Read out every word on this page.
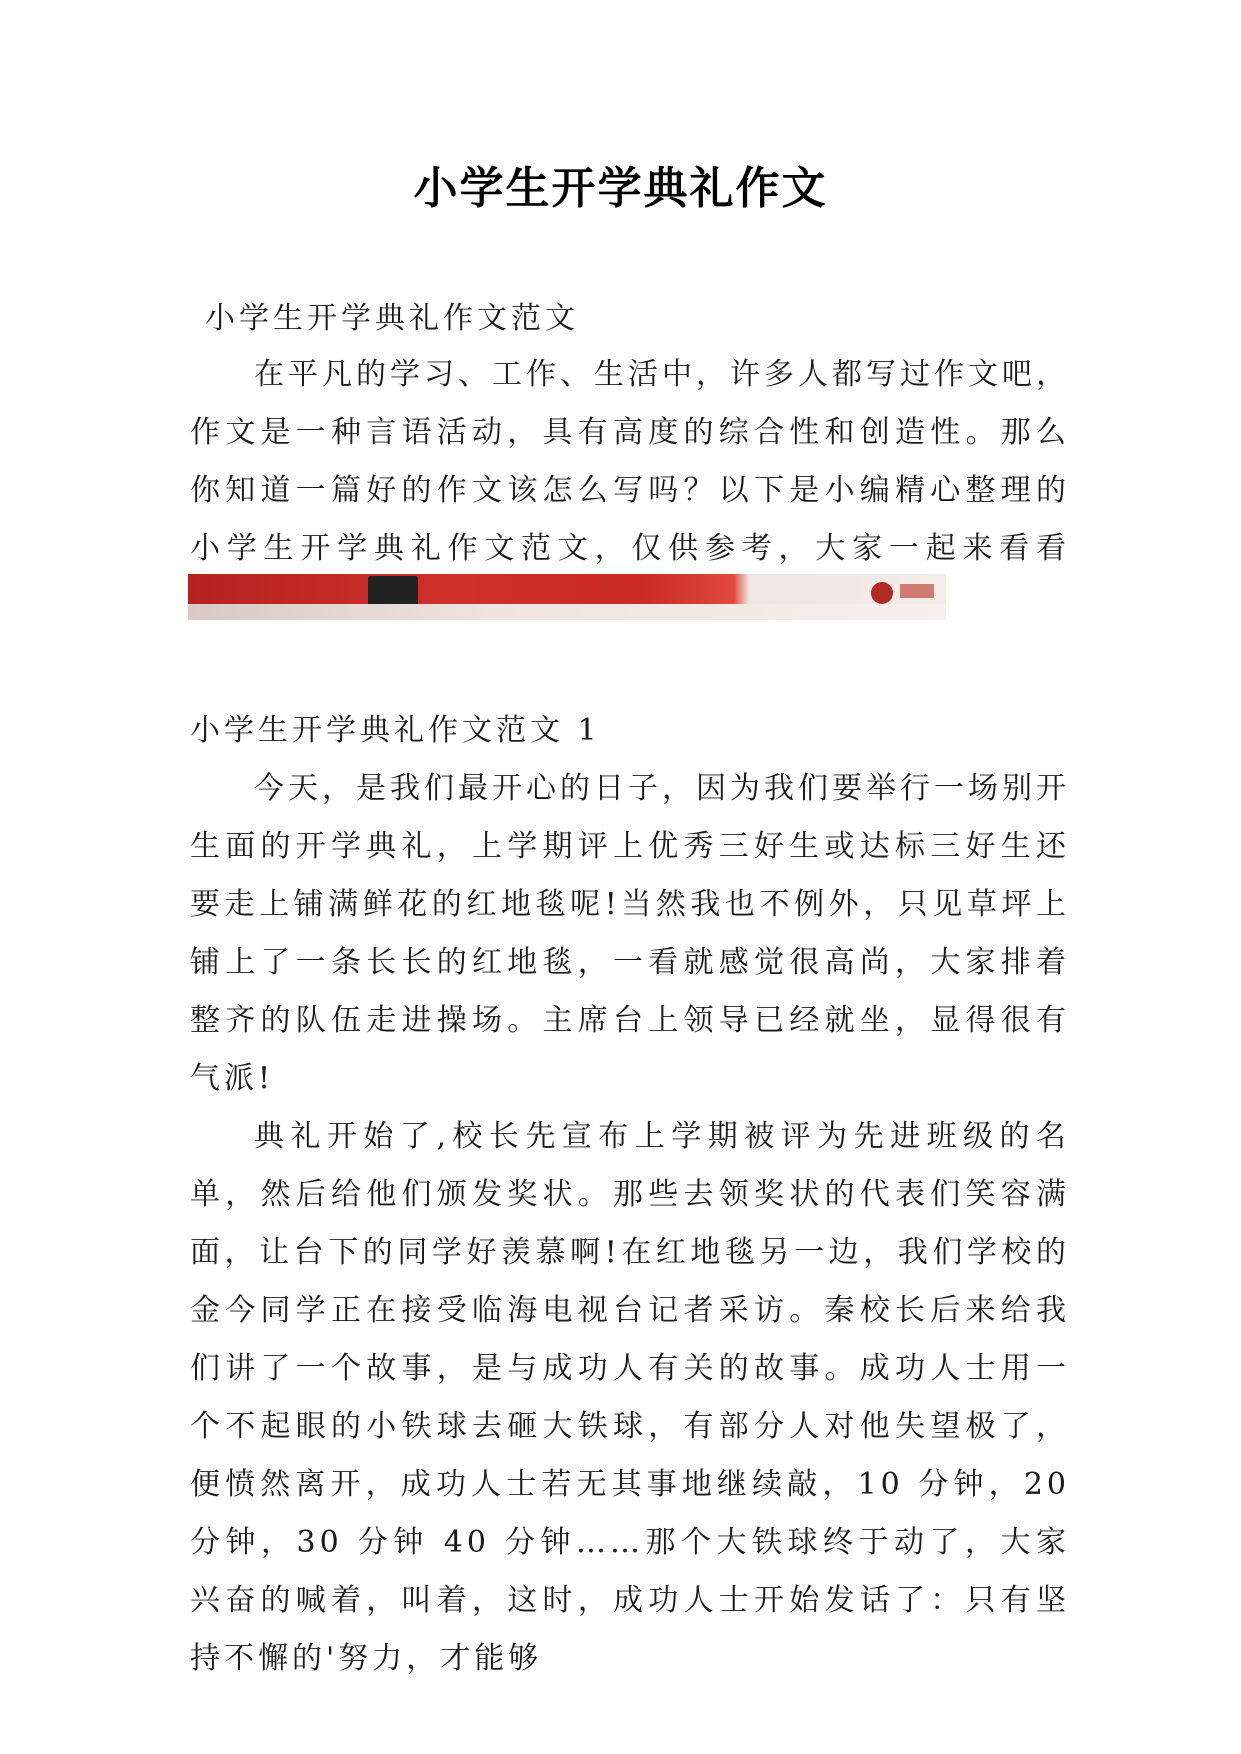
小学生开学典礼作文
小学生开学典礼作文范文

在平凡的学习、工作、生活中，许多人都写过作文吧，作文是一种言语活动，具有高度的综合性和创造性。那么你知道一篇好的作文该怎么写吗？以下是小编精心整理的小学生开学典礼作文范文，仅供参考，大家一起来看看

小学生开学典礼作文范文 1

今天，是我们最开心的日子，因为我们要举行一场别开生面的开学典礼，上学期评上优秀三好生或达标三好生还要走上铺满鲜花的红地毯呢!当然我也不例外，只见草坪上铺上了一条长长的红地毯，一看就感觉很高尚，大家排着整齐的队伍走进操场。主席台上领导已经就坐，显得很有气派!

典礼开始了,校长先宣布上学期被评为先进班级的名单，然后给他们颁发奖状。那些去领奖状的代表们笑容满面，让台下的同学好羡慕啊!在红地毯另一边，我们学校的金今同学正在接受临海电视台记者采访。秦校长后来给我们讲了一个故事，是与成功人有关的故事。成功人士用一个不起眼的小铁球去砸大铁球，有部分人对他失望极了，便愤然离开，成功人士若无其事地继续敲，10 分钟，20 分钟，30 分钟 40 分钟……那个大铁球终于动了，大家兴奋的喊着，叫着，这时，成功人士开始发话了：只有坚持不懈的'努力，才能够
